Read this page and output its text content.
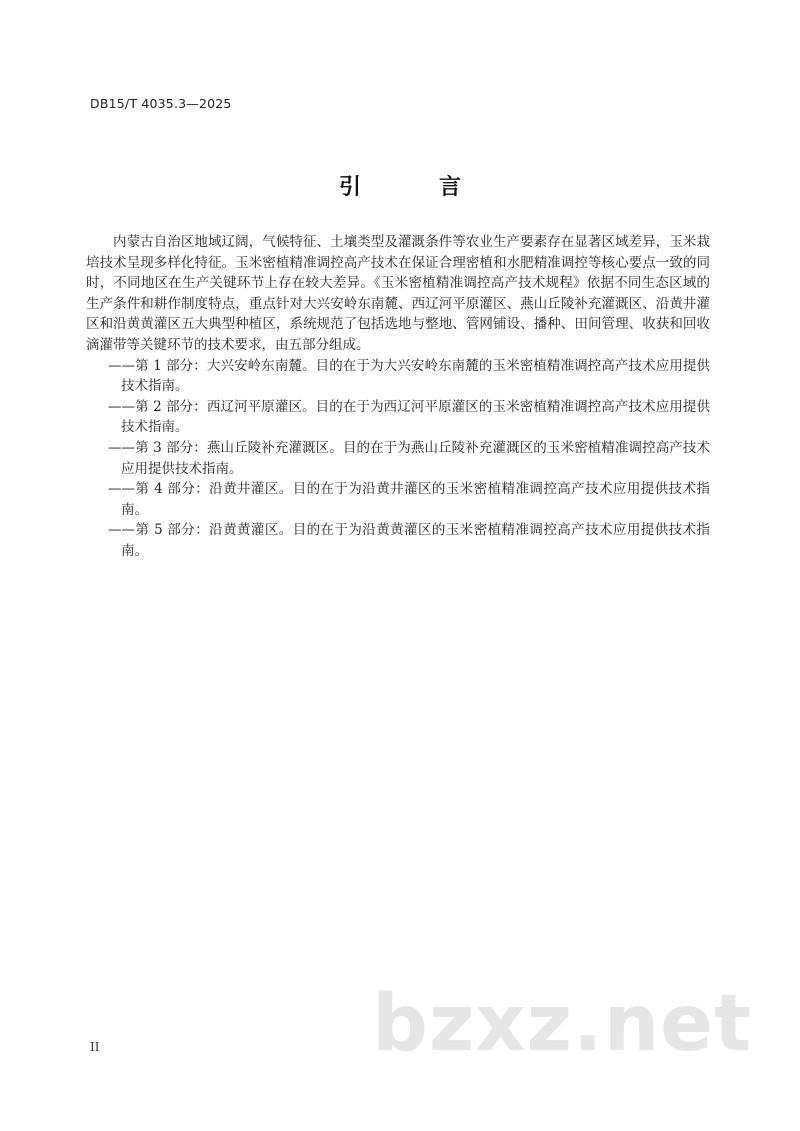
DB15/T 4035.3—2025
引　言

内蒙古自治区地域辽阔，气候特征、土壤类型及灌溉条件等农业生产要素存在显著区域差异，玉米栽培技术呈现多样化特征。玉米密植精准调控高产技术在保证合理密植和水肥精准调控等核心要点一致的同时，不同地区在生产关键环节上存在较大差异。《玉米密植精准调控高产技术规程》依据不同生态区域的生产条件和耕作制度特点，重点针对大兴安岭东南麓、西辽河平原灌区、燕山丘陵补充灌溉区、沿黄井灌区和沿黄黄灌区五大典型种植区，系统规范了包括选地与整地、管网铺设、播种、田间管理、收获和回收滴灌带等关键环节的技术要求，由五部分组成。

——第 1 部分：大兴安岭东南麓。目的在于为大兴安岭东南麓的玉米密植精准调控高产技术应用提供技术指南。

——第 2 部分：西辽河平原灌区。目的在于为西辽河平原灌区的玉米密植精准调控高产技术应用提供技术指南。

——第 3 部分：燕山丘陵补充灌溉区。目的在于为燕山丘陵补充灌溉区的玉米密植精准调控高产技术应用提供技术指南。

——第 4 部分：沿黄井灌区。目的在于为沿黄井灌区的玉米密植精准调控高产技术应用提供技术指南。

——第 5 部分：沿黄黄灌区。目的在于为沿黄黄灌区的玉米密植精准调控高产技术应用提供技术指南。

II	bzxz.net
